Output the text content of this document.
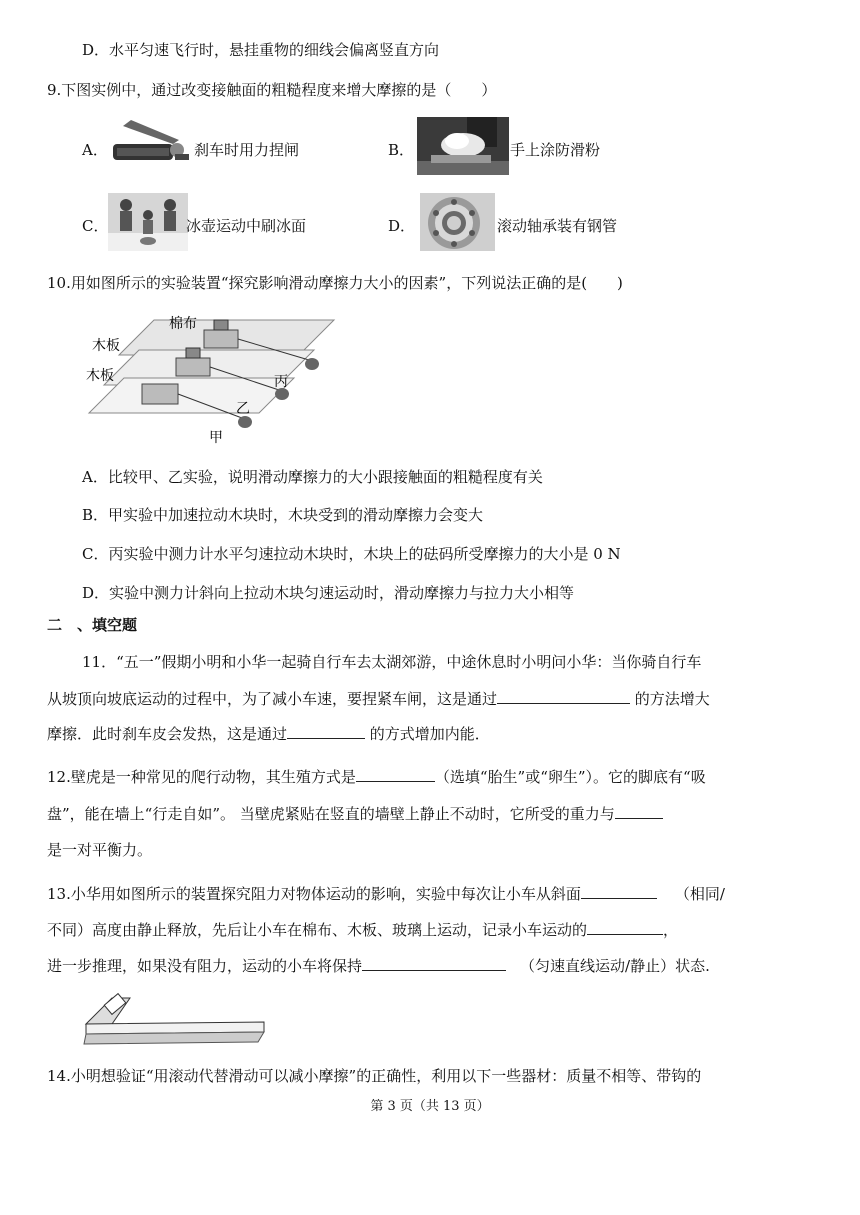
D．水平匀速飞行时，悬挂重物的细线会偏离竖直方向
9.下图实例中，通过改变接触面的粗糙程度来增大摩擦的是（　　）
A．	刹车时用力捏闸	B．	手上涂防滑粉
C．	冰壶运动中刷冰面	D．	滚动轴承装有钢管
10.用如图所示的实验装置“探究影响滑动摩擦力大小的因素”，下列说法正确的是(　　)
棉布
木板
木板	丙
乙
甲
A．比较甲、乙实验，说明滑动摩擦力的大小跟接触面的粗糙程度有关
B．甲实验中加速拉动木块时，木块受到的滑动摩擦力会变大
C．丙实验中测力计水平匀速拉动木块时，木块上的砝码所受摩擦力的大小是 0 N
D．实验中测力计斜向上拉动木块匀速运动时，滑动摩擦力与拉力大小相等
二　、填空题
11．“五一”假期小明和小华一起骑自行车去太湖郊游，中途休息时小明问小华：当你骑自行车
从坡顶向坡底运动的过程中，为了减小车速，要捏紧车闸，这是通过	的方法增大
摩擦．此时刹车皮会发热，这是通过	的方式增加内能．
12.壁虎是一种常见的爬行动物，其生殖方式是	（选填“胎生”或“卵生”）。它的脚底有“吸
盘”，能在墙上“行走自如”。 当壁虎紧贴在竖直的墙壁上静止不动时，它所受的重力与
是一对平衡力。
13.小华用如图所示的装置探究阻力对物体运动的影响，实验中每次让小车从斜面	（相同/
不同）高度由静止释放，先后让小车在棉布、木板、玻璃上运动，记录小车运动的	，
进一步推理，如果没有阻力，运动的小车将保持	（匀速直线运动/静止）状态.
14.小明想验证“用滚动代替滑动可以减小摩擦”的正确性，利用以下一些器材：质量不相等、带钩的
第 3 页（共 13 页）
